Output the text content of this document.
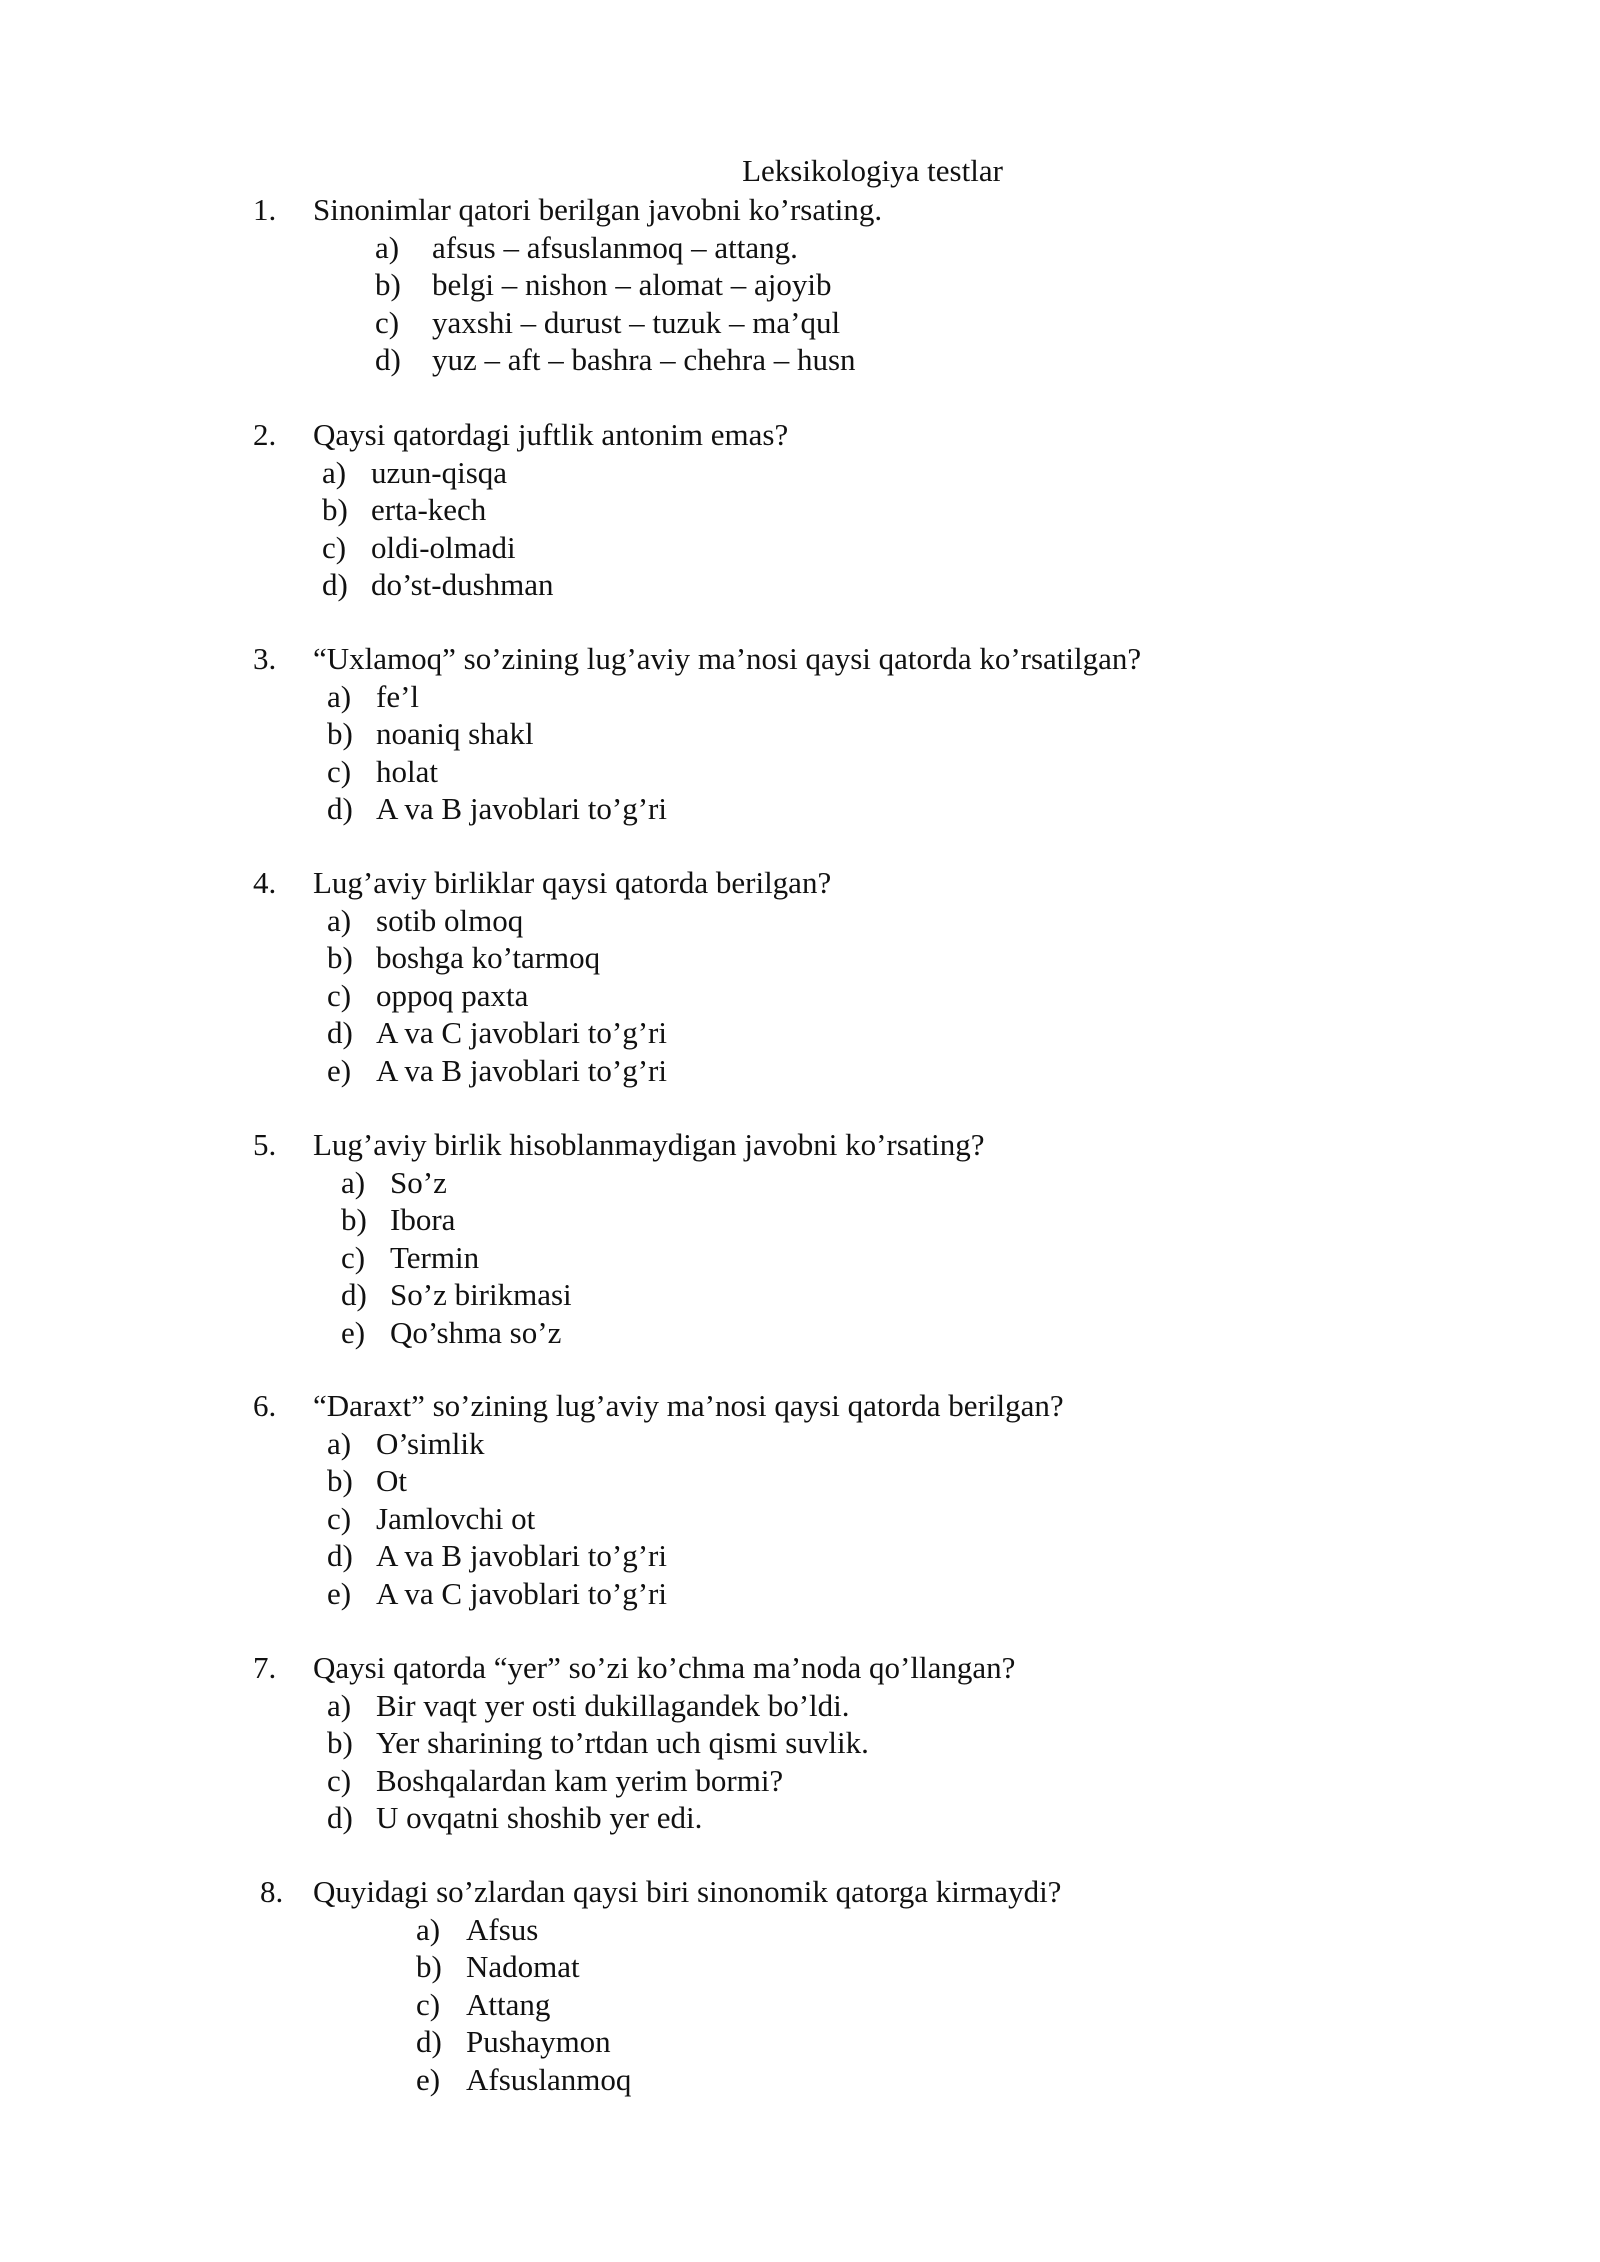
Leksikologiya testlar
1. Sinonimlar qatori berilgan javobni ko’rsating.
a) afsus – afsuslanmoq – attang.
b) belgi – nishon – alomat – ajoyib
c) yaxshi – durust – tuzuk – ma’qul
d) yuz – aft – bashra – chehra – husn
2. Qaysi qatordagi juftlik antonim emas?
a) uzun-qisqa
b) erta-kech
c) oldi-olmadi
d) do’st-dushman
3. “Uxlamoq” so’zining lug’aviy ma’nosi qaysi qatorda ko’rsatilgan?
a) fe’l
b) noaniq shakl
c) holat
d) A va B javoblari to’g’ri
4. Lug’aviy birliklar qaysi qatorda berilgan?
a) sotib olmoq
b) boshga ko’tarmoq
c) oppoq paxta
d) A va C javoblari to’g’ri
e) A va B javoblari to’g’ri
5. Lug’aviy birlik hisoblanmaydigan javobni ko’rsating?
a) So’z
b) Ibora
c) Termin
d) So’z birikmasi
e) Qo’shma so’z
6. “Daraxt” so’zining lug’aviy ma’nosi qaysi qatorda berilgan?
a) O’simlik
b) Ot
c) Jamlovchi ot
d) A va B javoblari to’g’ri
e) A va C javoblari to’g’ri
7. Qaysi qatorda “yer” so’zi ko’chma ma’noda qo’llangan?
a) Bir vaqt yer osti dukillagandek bo’ldi.
b) Yer sharining to’rtdan uch qismi suvlik.
c) Boshqalardan kam yerim bormi?
d) U ovqatni shoshib yer edi.
8. Quyidagi so’zlardan qaysi biri sinonomik qatorga kirmaydi?
a) Afsus
b) Nadomat
c) Attang
d) Pushaymon
e) Afsuslanmoq
